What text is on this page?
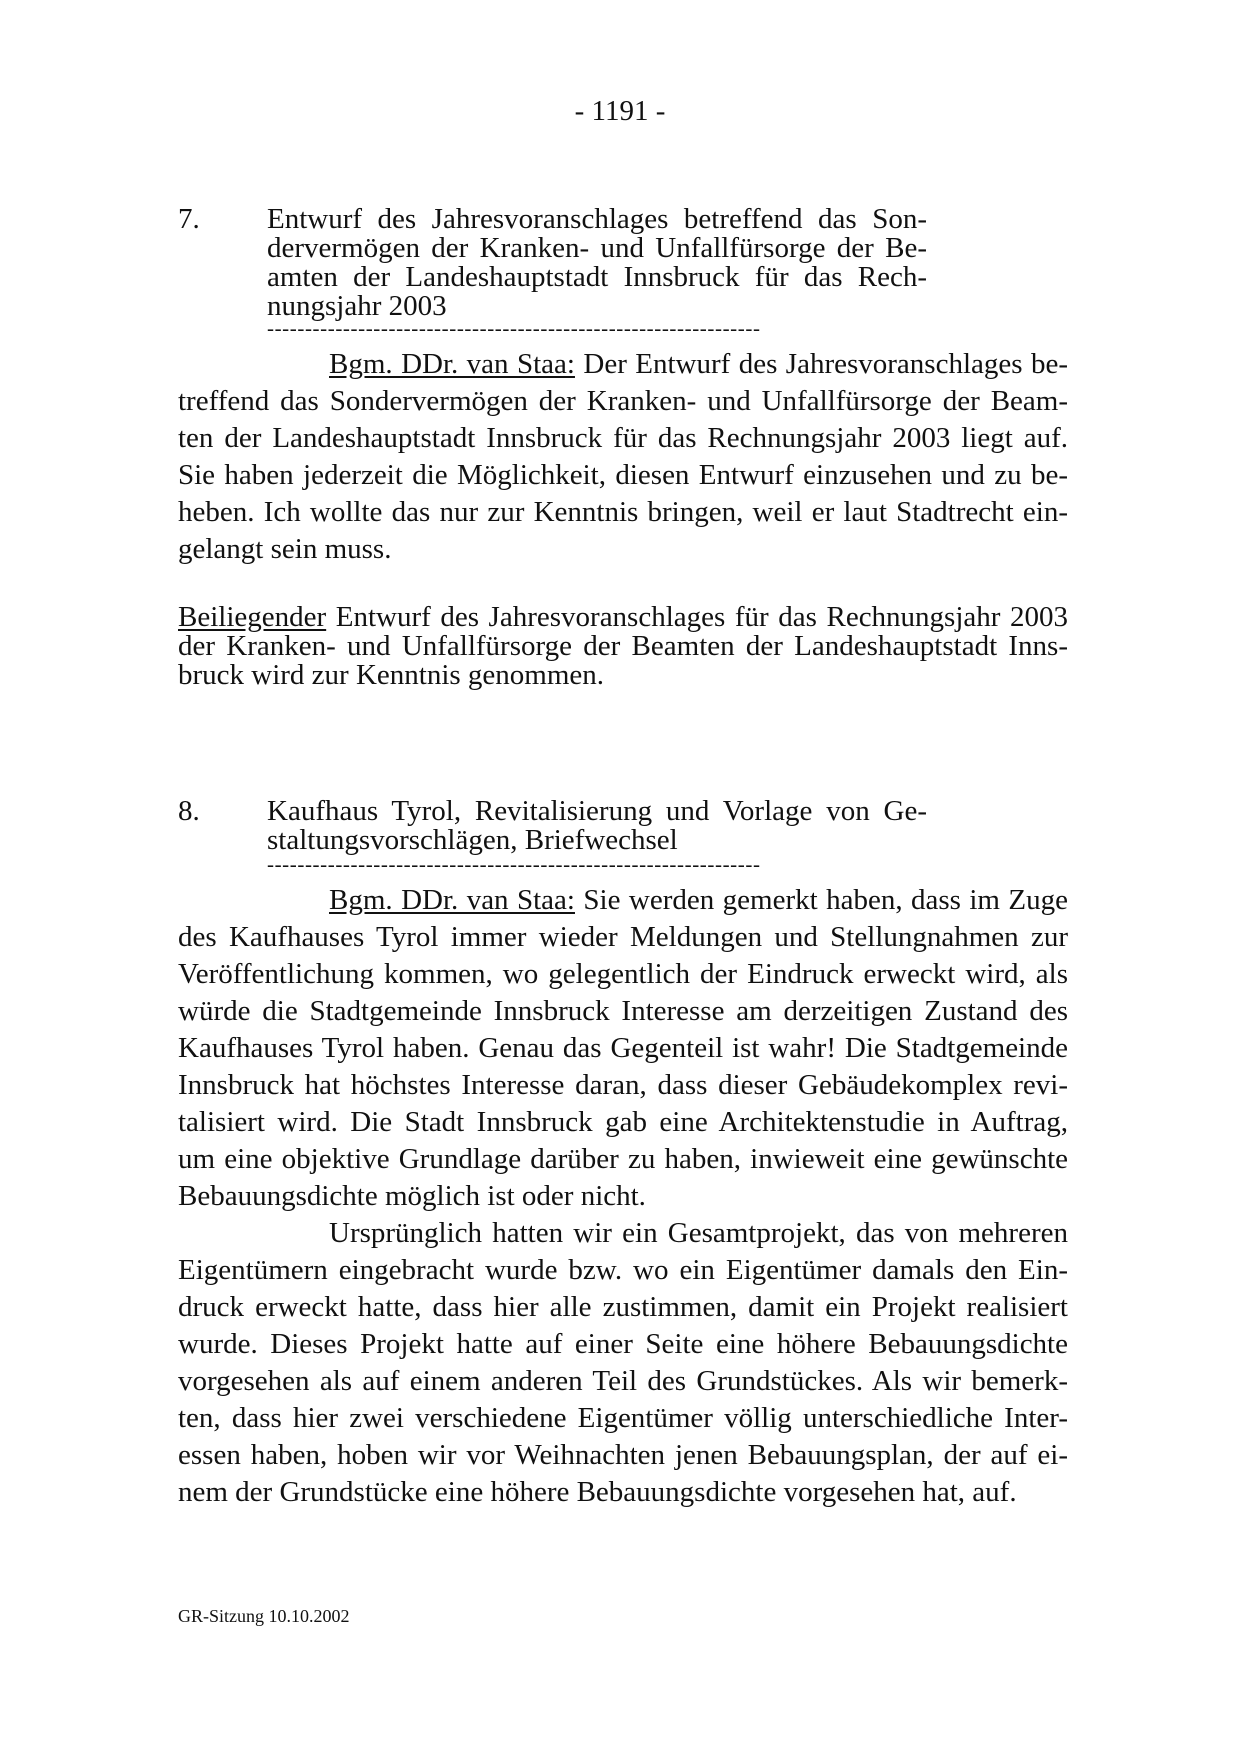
- 1191 -
7. Entwurf des Jahresvoranschlages betreffend das Son-
dervermögen der Kranken- und Unfallfürsorge der Be-
amten der Landeshauptstadt Innsbruck für das Rech-
nungsjahr 2003
-----------------------------------------------------------------
Bgm. DDr. van Staa: Der Entwurf des Jahresvoranschlages be-
treffend das Sondervermögen der Kranken- und Unfallfürsorge der Beam-
ten der Landeshauptstadt Innsbruck für das Rechnungsjahr 2003 liegt auf.
Sie haben jederzeit die Möglichkeit, diesen Entwurf einzusehen und zu be-
heben. Ich wollte das nur zur Kenntnis bringen, weil er laut Stadtrecht ein-
gelangt sein muss.
Beiliegender Entwurf des Jahresvoranschlages für das Rechnungsjahr 2003
der Kranken- und Unfallfürsorge der Beamten der Landeshauptstadt Inns-
bruck wird zur Kenntnis genommen.
8. Kaufhaus Tyrol, Revitalisierung und Vorlage von Ge-
staltungsvorschlägen, Briefwechsel
-----------------------------------------------------------------
Bgm. DDr. van Staa: Sie werden gemerkt haben, dass im Zuge
des Kaufhauses Tyrol immer wieder Meldungen und Stellungnahmen zur
Veröffentlichung kommen, wo gelegentlich der Eindruck erweckt wird, als
würde die Stadtgemeinde Innsbruck Interesse am derzeitigen Zustand des
Kaufhauses Tyrol haben. Genau das Gegenteil ist wahr! Die Stadtgemeinde
Innsbruck hat höchstes Interesse daran, dass dieser Gebäudekomplex revi-
talisiert wird. Die Stadt Innsbruck gab eine Architektenstudie in Auftrag,
um eine objektive Grundlage darüber zu haben, inwieweit eine gewünschte
Bebauungsdichte möglich ist oder nicht.
Ursprünglich hatten wir ein Gesamtprojekt, das von mehreren
Eigentümern eingebracht wurde bzw. wo ein Eigentümer damals den Ein-
druck erweckt hatte, dass hier alle zustimmen, damit ein Projekt realisiert
wurde. Dieses Projekt hatte auf einer Seite eine höhere Bebauungsdichte
vorgesehen als auf einem anderen Teil des Grundstückes. Als wir bemerk-
ten, dass hier zwei verschiedene Eigentümer völlig unterschiedliche Inter-
essen haben, hoben wir vor Weihnachten jenen Bebauungsplan, der auf ei-
nem der Grundstücke eine höhere Bebauungsdichte vorgesehen hat, auf.
GR-Sitzung 10.10.2002
